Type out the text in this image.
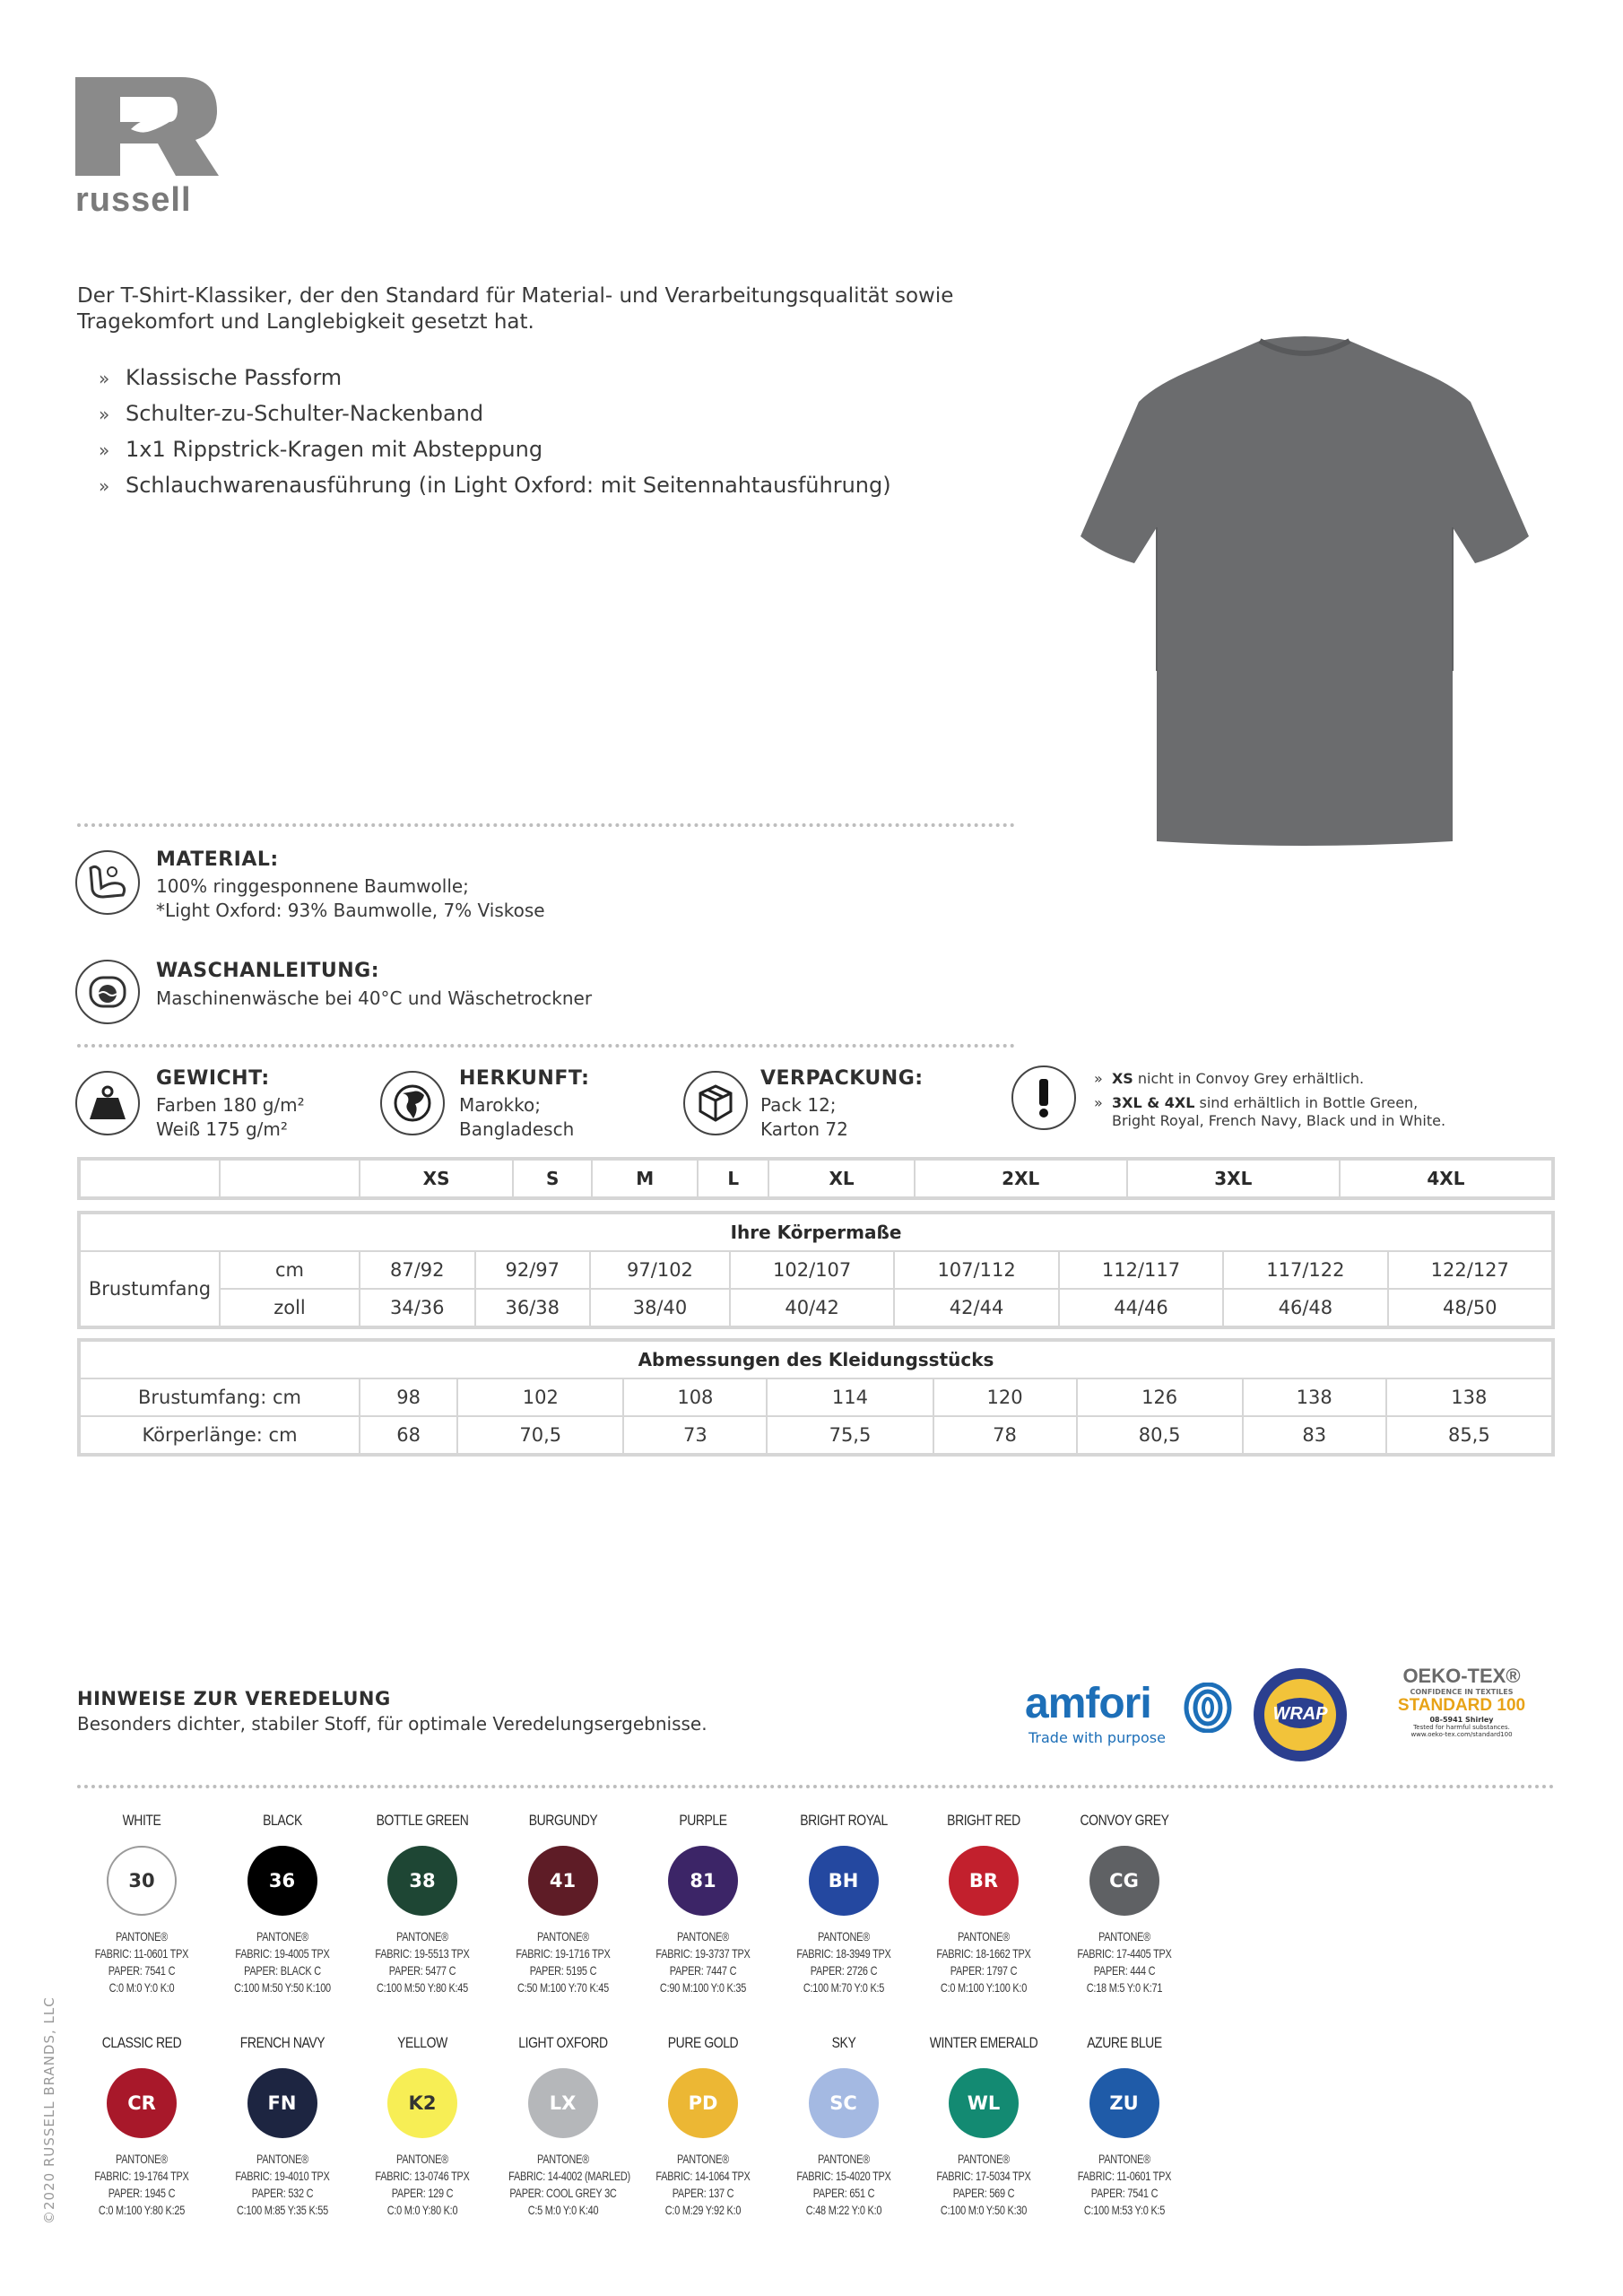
russell
Der T-Shirt-Klassiker, der den Standard für Material- und Verarbeitungsqualität sowie Tragekomfort und Langlebigkeit gesetzt hat.
» Klassische Passform
» Schulter-zu-Schulter-Nackenband
» 1x1 Rippstrick-Kragen mit Absteppung
» Schlauchwarenausführung (in Light Oxford: mit Seitennahtausführung)
MATERIAL:
100% ringgesponnene Baumwolle;
*Light Oxford: 93% Baumwolle, 7% Viskose
WASCHANLEITUNG:
Maschinenwäsche bei 40°C und Wäschetrockner
GEWICHT:
Farben 180 g/m²
Weiß 175 g/m²
HERKUNFT:
Marokko;
Bangladesch
VERPACKUNG:
Pack 12;
Karton 72
»  XS nicht in Convoy Grey erhältlich.
»  3XL & 4XL sind erhältlich in Bottle Green,
Bright Royal, French Navy, Black und in White.
		XS	S	M	L	XL	2XL	3XL	4XL
Ihre Körpermaße									
Brustumfang	cm	87/92	92/97	97/102	102/107	107/112	112/117	117/122	122/127
	zoll	34/36	36/38	38/40	40/42	42/44	44/46	46/48	48/50
Abmessungen des Kleidungsstücks								
Brustumfang: cm	98	102	108	114	120	126	138	138
Körperlänge: cm	68	70,5	73	75,5	78	80,5	83	85,5
HINWEISE ZUR VEREDELUNG
Besonders dichter, stabiler Stoff, für optimale Veredelungsergebnisse.	amfori
Trade with purpose
WRAP
OEKO-TEX®
CONFIDENCE IN TEXTILES
STANDARD 100
08-5941 Shirley
Tested for harmful substances.
www.oeko-tex.com/standard100
WHITE
30
PANTONE®
FABRIC: 11-0601 TPX
PAPER: 7541 C
C:0 M:0 Y:0 K:0
BLACK
36
PANTONE®
FABRIC: 19-4005 TPX
PAPER: BLACK C
C:100 M:50 Y:50 K:100
BOTTLE GREEN
38
PANTONE®
FABRIC: 19-5513 TPX
PAPER: 5477 C
C:100 M:50 Y:80 K:45
BURGUNDY
41
PANTONE®
FABRIC: 19-1716 TPX
PAPER: 5195 C
C:50 M:100 Y:70 K:45
PURPLE
81
PANTONE®
FABRIC: 19-3737 TPX
PAPER: 7447 C
C:90 M:100 Y:0 K:35
BRIGHT ROYAL
BH
PANTONE®
FABRIC: 18-3949 TPX
PAPER: 2726 C
C:100 M:70 Y:0 K:5
BRIGHT RED
BR
PANTONE®
FABRIC: 18-1662 TPX
PAPER: 1797 C
C:0 M:100 Y:100 K:0
CONVOY GREY
CG
PANTONE®
FABRIC: 17-4405 TPX
PAPER: 444 C
C:18 M:5 Y:0 K:71
CLASSIC RED
CR
PANTONE®
FABRIC: 19-1764 TPX
PAPER: 1945 C
C:0 M:100 Y:80 K:25
FRENCH NAVY
FN
PANTONE®
FABRIC: 19-4010 TPX
PAPER: 532 C
C:100 M:85 Y:35 K:55
YELLOW
K2
PANTONE®
FABRIC: 13-0746 TPX
PAPER: 129 C
C:0 M:0 Y:80 K:0
LIGHT OXFORD
LX
PANTONE®
FABRIC: 14-4002 (MARLED)
PAPER: COOL GREY 3C
C:5 M:0 Y:0 K:40
PURE GOLD
PD
PANTONE®
FABRIC: 14-1064 TPX
PAPER: 137 C
C:0 M:29 Y:92 K:0
SKY
SC
PANTONE®
FABRIC: 15-4020 TPX
PAPER: 651 C
C:48 M:22 Y:0 K:0
WINTER EMERALD
WL
PANTONE®
FABRIC: 17-5034 TPX
PAPER: 569 C
C:100 M:0 Y:50 K:30
AZURE BLUE
ZU
PANTONE®
FABRIC: 11-0601 TPX
PAPER: 7541 C
C:100 M:53 Y:0 K:5
©2020 RUSSELL BRANDS, LLC
